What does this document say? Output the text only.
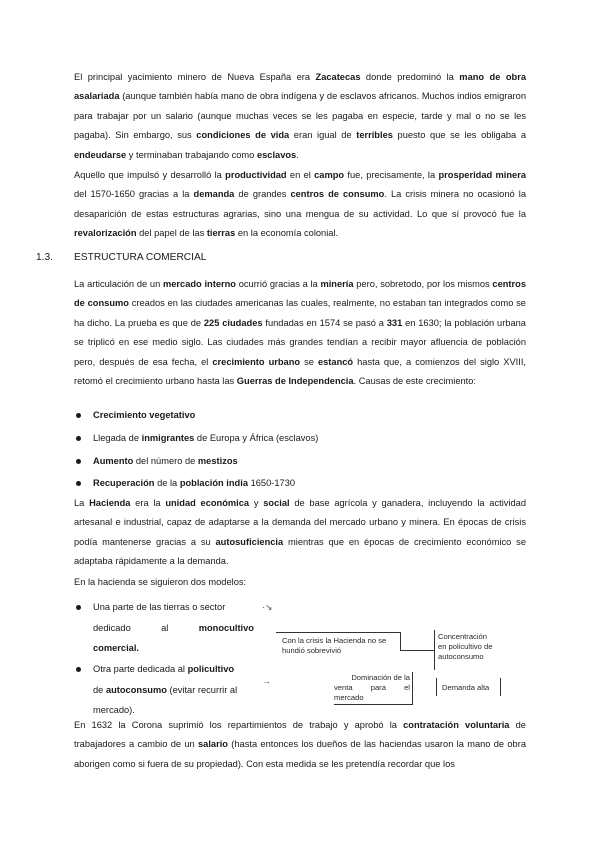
El principal yacimiento minero de Nueva España era Zacatecas donde predominó la mano de obra asalariada (aunque también había mano de obra indígena y de esclavos africanos. Muchos indios emigraron para trabajar por un salario (aunque muchas veces se les pagaba en especie, tarde y mal o no se les pagaba). Sin embargo, sus condiciones de vida eran igual de terribles puesto que se les obligaba a endeudarse y terminaban trabajando como esclavos.

Aquello que impulsó y desarrolló la productividad en el campo fue, precisamente, la prosperidad minera del 1570-1650 gracias a la demanda de grandes centros de consumo. La crisis minera no ocasionó la desaparición de estas estructuras agrarias, sino una mengua de su actividad. Lo que sí provocó fue la revalorización del papel de las tierras en la economía colonial.

1.3. ESTRUCTURA COMERCIAL

La articulación de un mercado interno ocurrió gracias a la minería pero, sobretodo, por los mismos centros de consumo creados en las ciudades americanas las cuales, realmente, no estaban tan integrados como se ha dicho. La prueba es que de 225 ciudades fundadas en 1574 se pasó a 331 en 1630; la población urbana se triplicó en ese medio siglo. Las ciudades más grandes tendían a recibir mayor afluencia de población pero, después de esa fecha, el crecimiento urbano se estancó hasta que, a comienzos del siglo XVIII, retomó el crecimiento urbano hasta las Guerras de Independencia. Causas de este crecimiento:

Crecimiento vegetativo
Llegada de inmigrantes de Europa y África (esclavos)
Aumento del número de mestizos
Recuperación de la población india 1650-1730

La Hacienda era la unidad económica y social de base agrícola y ganadera, incluyendo la actividad artesanal e industrial, capaz de adaptarse a la demanda del mercado urbano y minera. En épocas de crisis podía mantenerse gracias a su autosuficiencia mientras que en épocas de crecimiento económico se adaptaba rápidamente a la demanda.

En la hacienda se siguieron dos modelos:

Una parte de las tierras o sector
dedicado	al	monocultivo
comercial.
Otra parte dedicada al policultivo
de autoconsumo (evitar recurrir al
mercado).
·↘
→
Con la crisis la Hacienda no se
hundió sobrevivió
Concentración
en policultivo de
autoconsumo
Dominación de la
venta para el
mercado
Demanda alta

En 1632 la Corona suprimió los repartimientos de trabajo y aprobó la contratación voluntaria de trabajadores a cambio de un salario (hasta entonces los dueños de las haciendas usaron la mano de obra aborigen como si fuera de su propiedad). Con esta medida se les pretendía recordar que los
